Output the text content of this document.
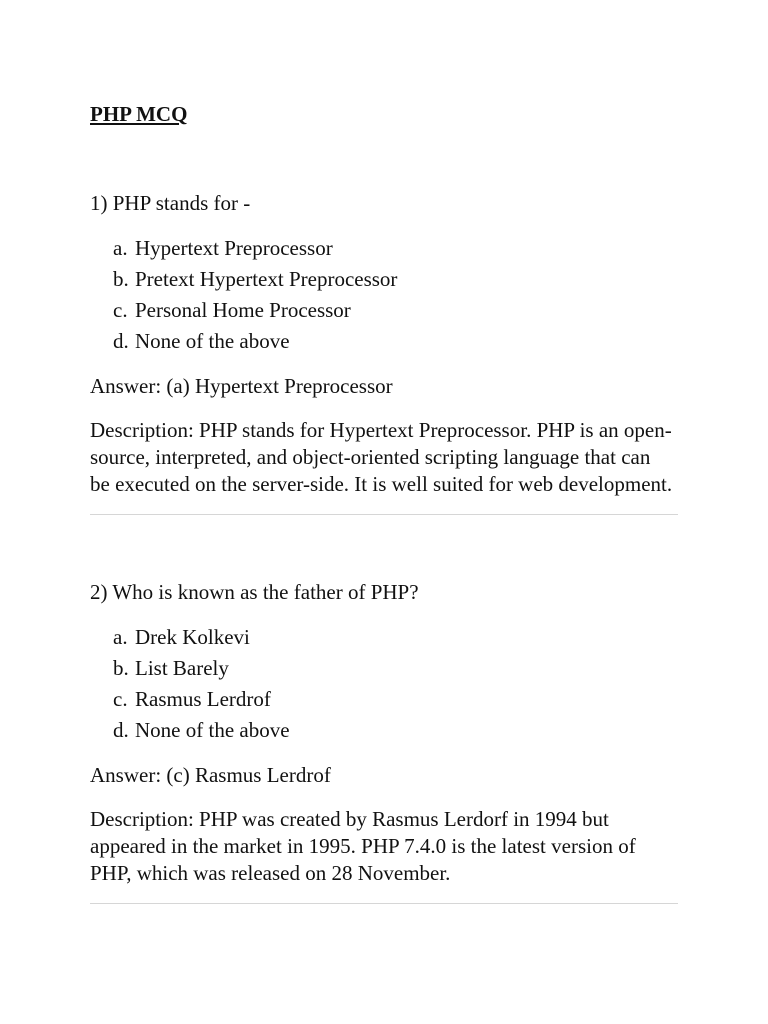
PHP MCQ

1) PHP stands for -

a. Hypertext Preprocessor
b. Pretext Hypertext Preprocessor
c. Personal Home Processor
d. None of the above

Answer: (a) Hypertext Preprocessor

Description: PHP stands for Hypertext Preprocessor. PHP is an open-source, interpreted, and object-oriented scripting language that can be executed on the server-side. It is well suited for web development.

2) Who is known as the father of PHP?

a. Drek Kolkevi
b. List Barely
c. Rasmus Lerdrof
d. None of the above

Answer: (c) Rasmus Lerdrof

Description: PHP was created by Rasmus Lerdorf in 1994 but appeared in the market in 1995. PHP 7.4.0 is the latest version of PHP, which was released on 28 November.
